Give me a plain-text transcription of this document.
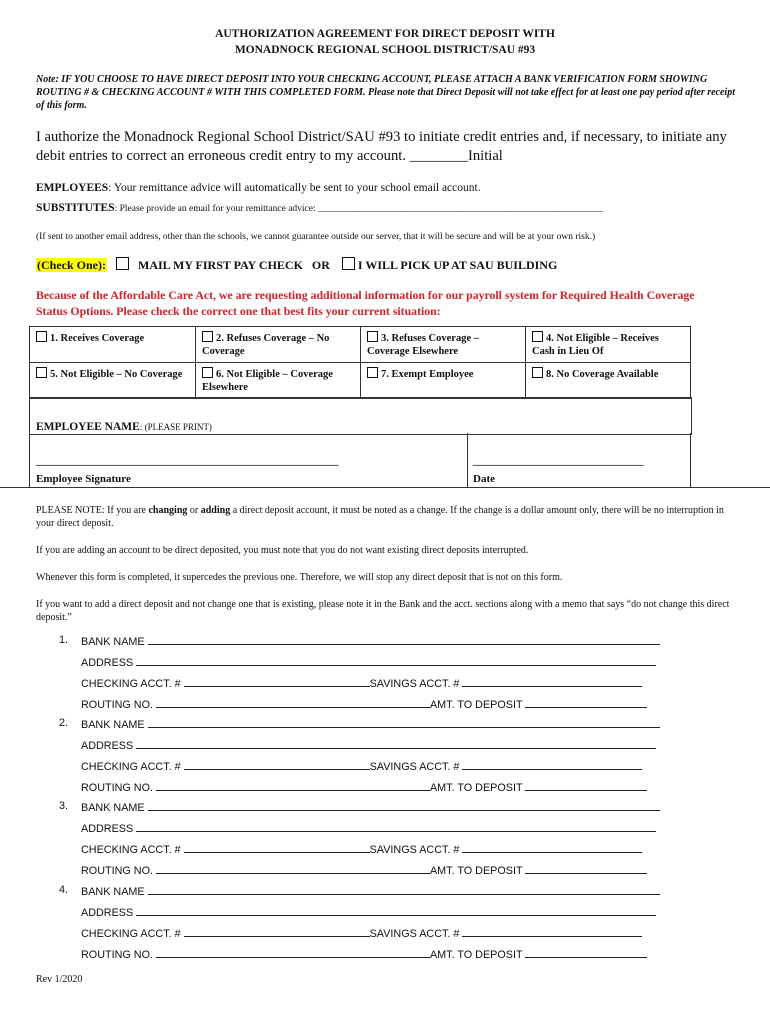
AUTHORIZATION AGREEMENT FOR DIRECT DEPOSIT WITH
MONADNOCK REGIONAL SCHOOL DISTRICT/SAU #93
Note: IF YOU CHOOSE TO HAVE DIRECT DEPOSIT INTO YOUR CHECKING ACCOUNT, PLEASE ATTACH A BANK VERIFICATION FORM SHOWING ROUTING # & CHECKING ACCOUNT # WITH THIS COMPLETED FORM. Please note that Direct Deposit will not take effect for at least one pay period after receipt of this form.
I authorize the Monadnock Regional School District/SAU #93 to initiate credit entries and, if necessary, to initiate any debit entries to correct an erroneous credit entry to my account. ________Initial
EMPLOYEES: Your remittance advice will automatically be sent to your school email account.
SUBSTITUTES: Please provide an email for your remittance advice: ____________________________________________________________
(If sent to another email address, other than the schools, we cannot guarantee outside our server, that it will be secure and will be at your own risk.)
(Check One):	MAIL MY FIRST PAY CHECK OR I WILL PICK UP AT SAU BUILDING
Because of the Affordable Care Act, we are requesting additional information for our payroll system for Required Health Coverage Status Options. Please check the correct one that best fits your current situation:
1. Receives Coverage	2. Refuses Coverage – No Coverage	3. Refuses Coverage – Coverage Elsewhere	4. Not Eligible – Receives Cash in Lieu Of
5. Not Eligible – No Coverage	6. Not Eligible – Coverage Elsewhere	7. Exempt Employee	8. No Coverage Available
EMPLOYEE NAME: (PLEASE PRINT)
_______________________________________________________	_______________________________
Employee Signature	Date
PLEASE NOTE: If you are changing or adding a direct deposit account, it must be noted as a change. If the change is a dollar amount only, there will be no interruption in your direct deposit.
If you are adding an account to be direct deposited, you must note that you do not want existing direct deposits interrupted.
Whenever this form is completed, it supercedes the previous one. Therefore, we will stop any direct deposit that is not on this form.
If you want to add a direct deposit and not change one that is existing, please note it in the Bank and the acct. sections along with a memo that says “do not change this direct deposit.”
1. BANK NAME
ADDRESS
CHECKING ACCT. #	SAVINGS ACCT. #
ROUTING NO.	AMT. TO DEPOSIT
2. BANK NAME
ADDRESS
CHECKING ACCT. #	SAVINGS ACCT. #
ROUTING NO.	AMT. TO DEPOSIT
3. BANK NAME
ADDRESS
CHECKING ACCT. #	SAVINGS ACCT. #
ROUTING NO.	AMT. TO DEPOSIT
4. BANK NAME
ADDRESS
CHECKING ACCT. #	SAVINGS ACCT. #
ROUTING NO.	AMT. TO DEPOSIT
Rev 1/2020
